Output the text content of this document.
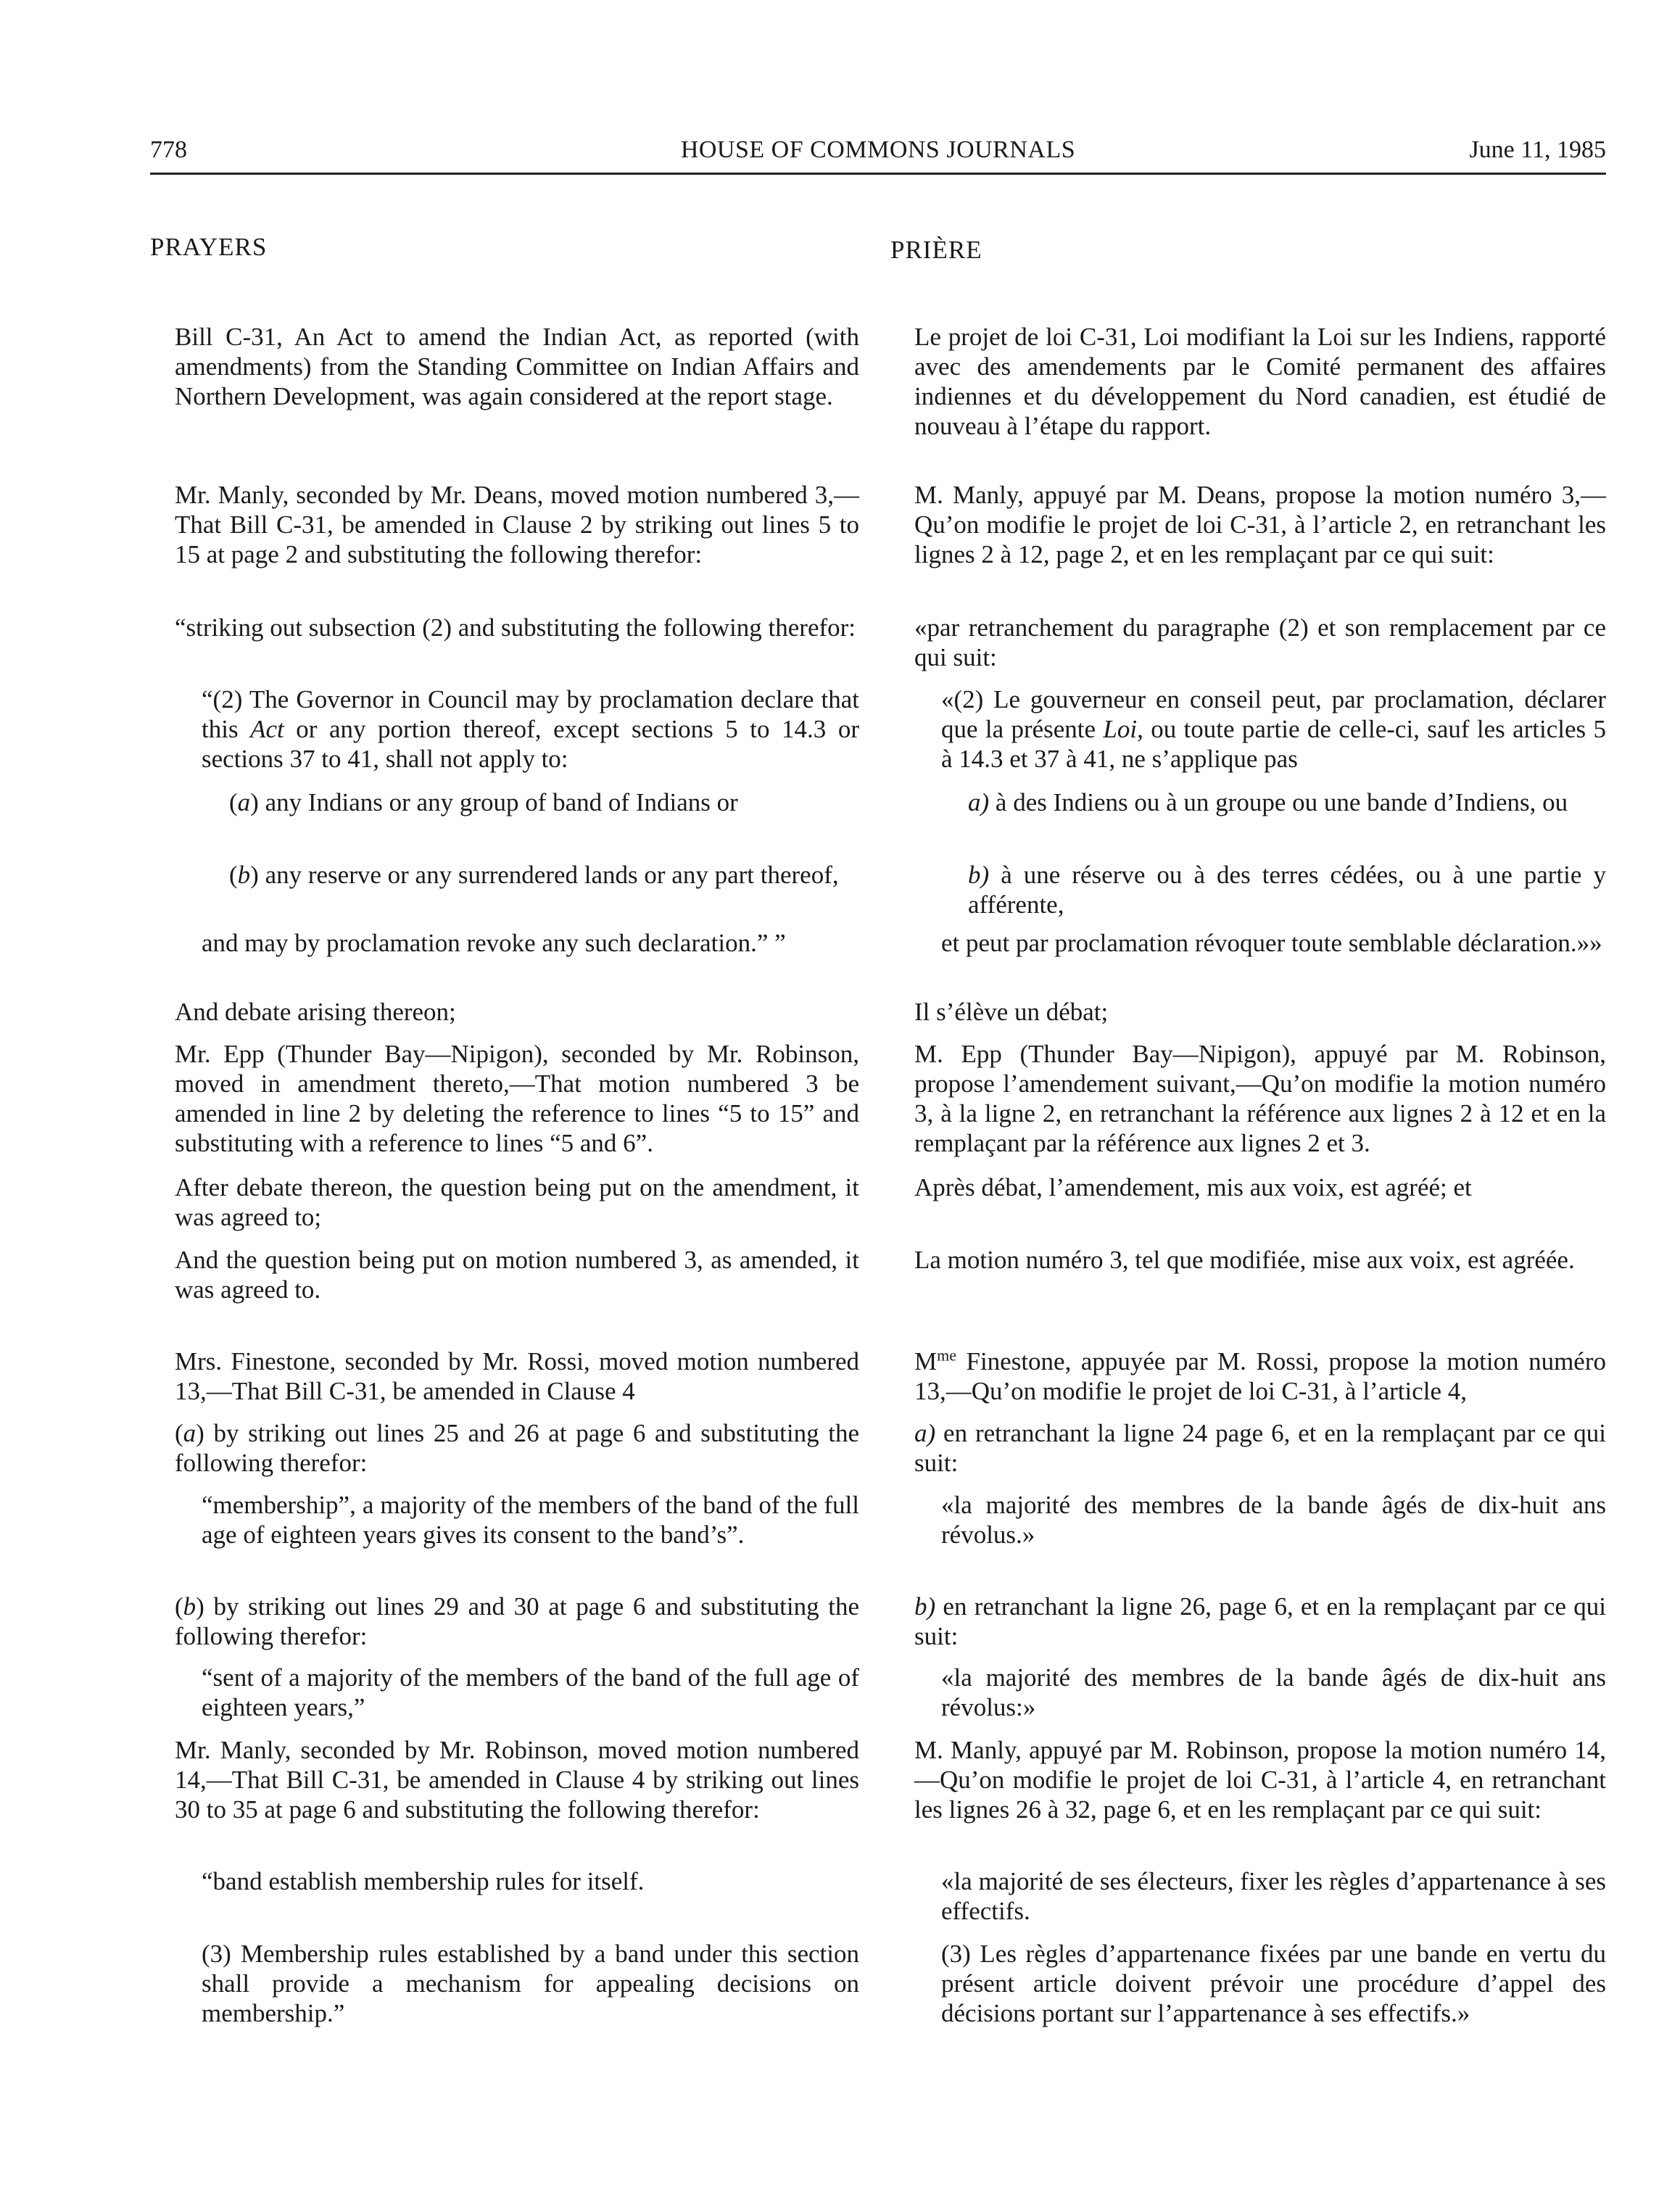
778	HOUSE OF COMMONS JOURNALS	June 11, 1985
PRAYERS

Bill C-31, An Act to amend the Indian Act, as reported (with amendments) from the Standing Committee on Indian Affairs and Northern Development, was again considered at the report stage.

Mr. Manly, seconded by Mr. Deans, moved motion numbered 3,—That Bill C-31, be amended in Clause 2 by striking out lines 5 to 15 at page 2 and substituting the following therefor:

“striking out subsection (2) and substituting the following therefor:

“(2) The Governor in Council may by proclamation declare that this Act or any portion thereof, except sections 5 to 14.3 or sections 37 to 41, shall not apply to:

(a) any Indians or any group of band of Indians or

(b) any reserve or any surrendered lands or any part thereof,

and may by proclamation revoke any such declaration.” ”

And debate arising thereon;

Mr. Epp (Thunder Bay—Nipigon), seconded by Mr. Robinson, moved in amendment thereto,—That motion numbered 3 be amended in line 2 by deleting the reference to lines “5 to 15” and substituting with a reference to lines “5 and 6”.

After debate thereon, the question being put on the amendment, it was agreed to;

And the question being put on motion numbered 3, as amended, it was agreed to.

Mrs. Finestone, seconded by Mr. Rossi, moved motion numbered 13,—That Bill C-31, be amended in Clause 4

(a) by striking out lines 25 and 26 at page 6 and substituting the following therefor:

“membership”, a majority of the members of the band of the full age of eighteen years gives its consent to the band’s”.

(b) by striking out lines 29 and 30 at page 6 and substituting the following therefor:

“sent of a majority of the members of the band of the full age of eighteen years,”

Mr. Manly, seconded by Mr. Robinson, moved motion numbered 14,—That Bill C-31, be amended in Clause 4 by striking out lines 30 to 35 at page 6 and substituting the following therefor:

“band establish membership rules for itself.

(3) Membership rules established by a band under this section shall provide a mechanism for appealing decisions on membership.”

PRIÈRE

Le projet de loi C-31, Loi modifiant la Loi sur les Indiens, rapporté avec des amendements par le Comité permanent des affaires indiennes et du développement du Nord canadien, est étudié de nouveau à l’étape du rapport.

M. Manly, appuyé par M. Deans, propose la motion numéro 3,—Qu’on modifie le projet de loi C-31, à l’article 2, en retranchant les lignes 2 à 12, page 2, et en les remplaçant par ce qui suit:

«par retranchement du paragraphe (2) et son remplacement par ce qui suit:

«(2) Le gouverneur en conseil peut, par proclamation, déclarer que la présente Loi, ou toute partie de celle-ci, sauf les articles 5 à 14.3 et 37 à 41, ne s’applique pas

a) à des Indiens ou à un groupe ou une bande d’Indiens, ou

b) à une réserve ou à des terres cédées, ou à une partie y afférente,

et peut par proclamation révoquer toute semblable déclaration.»»

Il s’élève un débat;

M. Epp (Thunder Bay—Nipigon), appuyé par M. Robinson, propose l’amendement suivant,—Qu’on modifie la motion numéro 3, à la ligne 2, en retranchant la référence aux lignes 2 à 12 et en la remplaçant par la référence aux lignes 2 et 3.

Après débat, l’amendement, mis aux voix, est agréé; et

La motion numéro 3, tel que modifiée, mise aux voix, est agréée.

$M^{me}$ Finestone, appuyée par M. Rossi, propose la motion numéro 13,—Qu’on modifie le projet de loi C-31, à l’article 4,

a) en retranchant la ligne 24 page 6, et en la remplaçant par ce qui suit:

«la majorité des membres de la bande âgés de dix-huit ans révolus.»

b) en retranchant la ligne 26, page 6, et en la remplaçant par ce qui suit:

«la majorité des membres de la bande âgés de dix-huit ans révolus:»

M. Manly, appuyé par M. Robinson, propose la motion numéro 14,—Qu’on modifie le projet de loi C-31, à l’article 4, en retranchant les lignes 26 à 32, page 6, et en les remplaçant par ce qui suit:

«la majorité de ses électeurs, fixer les règles d’appartenance à ses effectifs.

(3) Les règles d’appartenance fixées par une bande en vertu du présent article doivent prévoir une procédure d’appel des décisions portant sur l’appartenance à ses effectifs.»
